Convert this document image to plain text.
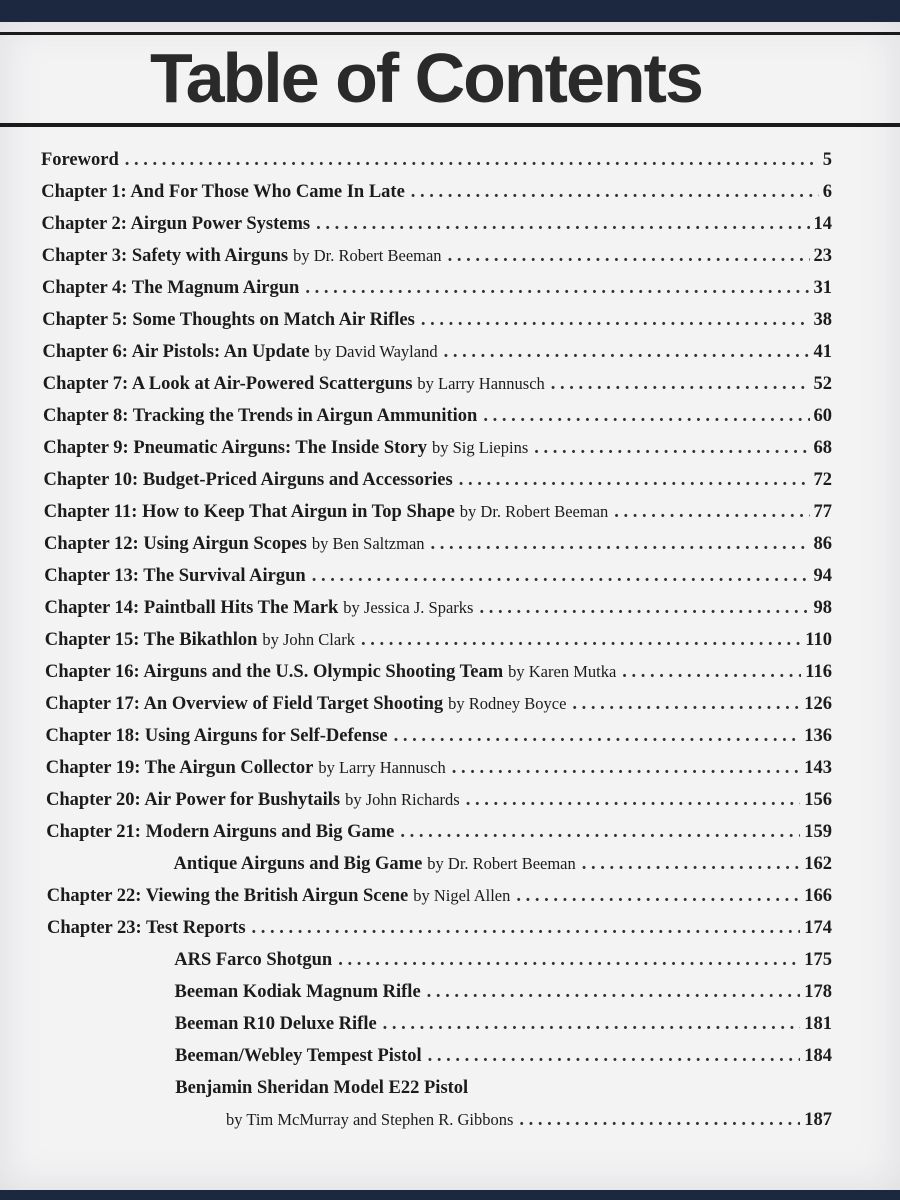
Table of Contents
Foreword . . .	5
Chapter 1: And For Those Who Came In Late . . .	6
Chapter 2: Airgun Power Systems . . .	14
Chapter 3: Safety with Airguns by Dr. Robert Beeman . . .	23
Chapter 4: The Magnum Airgun . . .	31
Chapter 5: Some Thoughts on Match Air Rifles . . .	38
Chapter 6: Air Pistols: An Update by David Wayland . . .	41
Chapter 7: A Look at Air-Powered Scatterguns by Larry Hannusch . . .	52
Chapter 8: Tracking the Trends in Airgun Ammunition . . .	60
Chapter 9: Pneumatic Airguns: The Inside Story by Sig Liepins . . .	68
Chapter 10: Budget-Priced Airguns and Accessories . . .	72
Chapter 11: How to Keep That Airgun in Top Shape by Dr. Robert Beeman . . .	77
Chapter 12: Using Airgun Scopes by Ben Saltzman . . .	86
Chapter 13: The Survival Airgun . . .	94
Chapter 14: Paintball Hits The Mark by Jessica J. Sparks . . .	98
Chapter 15: The Bikathlon by John Clark . . .	110
Chapter 16: Airguns and the U.S. Olympic Shooting Team by Karen Mutka . . .	116
Chapter 17: An Overview of Field Target Shooting by Rodney Boyce . . .	126
Chapter 18: Using Airguns for Self-Defense . . .	136
Chapter 19: The Airgun Collector by Larry Hannusch . . .	143
Chapter 20: Air Power for Bushytails by John Richards . . .	156
Chapter 21: Modern Airguns and Big Game . . .	159
Antique Airguns and Big Game by Dr. Robert Beeman . . .	162
Chapter 22: Viewing the British Airgun Scene by Nigel Allen . . .	166
Chapter 23: Test Reports . . .	174
ARS Farco Shotgun . . .	175
Beeman Kodiak Magnum Rifle . . .	178
Beeman R10 Deluxe Rifle . . .	181
Beeman/Webley Tempest Pistol . . .	184
Benjamin Sheridan Model E22 Pistol
by Tim McMurray and Stephen R. Gibbons . . .	187
